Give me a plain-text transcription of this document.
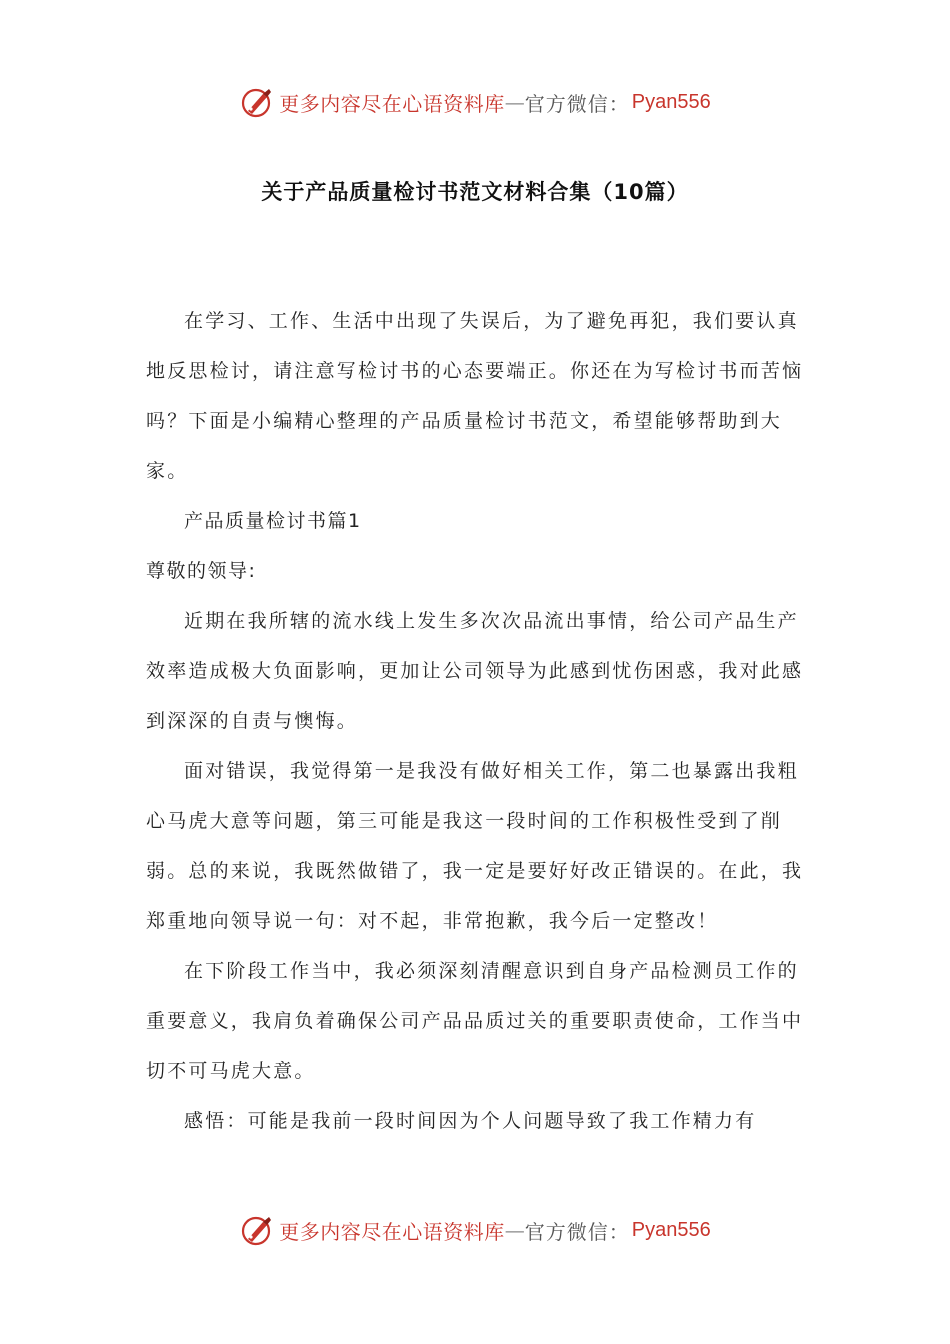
更多内容尽在心语资料库 — 官方微信： Pyan556
关于产品质量检讨书范文材料合集（10篇）

在学习、工作、生活中出现了失误后，为了避免再犯，我们要认真地反思检讨，请注意写检讨书的心态要端正。你还在为写检讨书而苦恼吗？下面是小编精心整理的产品质量检讨书范文，希望能够帮助到大家。

产品质量检讨书篇1

尊敬的领导:

近期在我所辖的流水线上发生多次次品流出事情，给公司产品生产效率造成极大负面影响，更加让公司领导为此感到忧伤困惑，我对此感到深深的自责与懊悔。

面对错误，我觉得第一是我没有做好相关工作，第二也暴露出我粗心马虎大意等问题，第三可能是我这一段时间的工作积极性受到了削弱。总的来说，我既然做错了，我一定是要好好改正错误的。在此，我郑重地向领导说一句：对不起，非常抱歉，我今后一定整改！

在下阶段工作当中，我必须深刻清醒意识到自身产品检测员工作的重要意义，我肩负着确保公司产品品质过关的重要职责使命，工作当中切不可马虎大意。

感悟：可能是我前一段时间因为个人问题导致了我工作精力有

更多内容尽在心语资料库 — 官方微信： Pyan556
